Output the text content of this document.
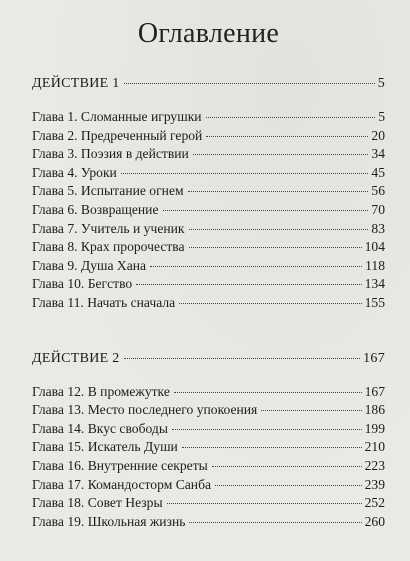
Оглавление
ДЕЙСТВИЕ 1	5
Глава 1. Сломанные игрушки	5
Глава 2. Предреченный герой	20
Глава 3. Поэзия в действии	34
Глава 4. Уроки	45
Глава 5. Испытание огнем	56
Глава 6. Возвращение	70
Глава 7. Учитель и ученик	83
Глава 8. Крах пророчества	104
Глава 9. Душа Хана	118
Глава 10. Бегство	134
Глава 11. Начать сначала	155
ДЕЙСТВИЕ 2	167
Глава 12. В промежутке	167
Глава 13. Место последнего упокоения	186
Глава 14. Вкус свободы	199
Глава 15. Искатель Души	210
Глава 16. Внутренние секреты	223
Глава 17. Командосторм Санба	239
Глава 18. Совет Незры	252
Глава 19. Школьная жизнь	260
